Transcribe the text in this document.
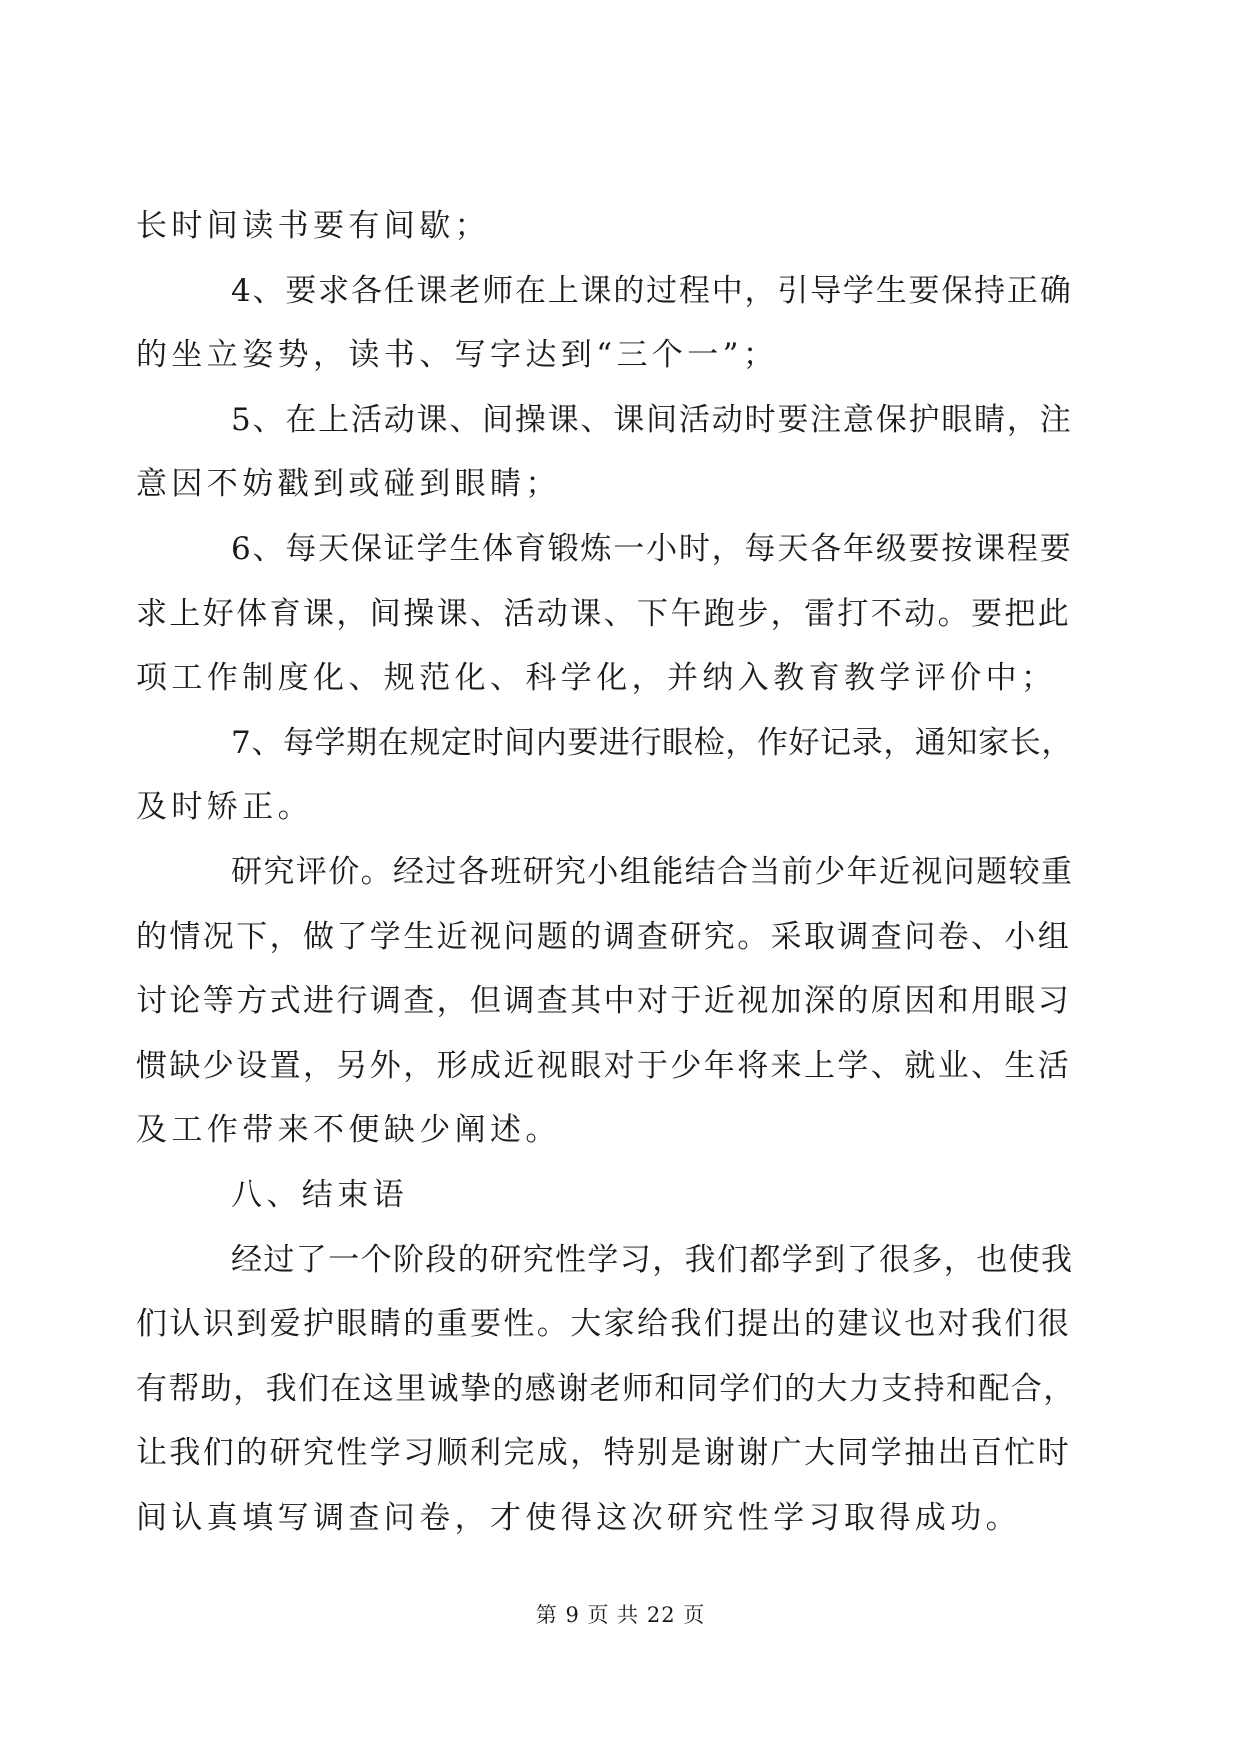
长时间读书要有间歇；
4、要求各任课老师在上课的过程中，引导学生要保持正确
的坐立姿势，读书、写字达到“三个一”；
5、在上活动课、间操课、课间活动时要注意保护眼睛，注
意因不妨戳到或碰到眼睛；
6、每天保证学生体育锻炼一小时，每天各年级要按课程要
求上好体育课，间操课、活动课、下午跑步，雷打不动。要把此
项工作制度化、规范化、科学化，并纳入教育教学评价中；
7、每学期在规定时间内要进行眼检，作好记录，通知家长，
及时矫正。
研究评价。经过各班研究小组能结合当前少年近视问题较重
的情况下，做了学生近视问题的调查研究。采取调查问卷、小组
讨论等方式进行调查，但调查其中对于近视加深的原因和用眼习
惯缺少设置，另外，形成近视眼对于少年将来上学、就业、生活
及工作带来不便缺少阐述。
八、结束语
经过了一个阶段的研究性学习，我们都学到了很多，也使我
们认识到爱护眼睛的重要性。大家给我们提出的建议也对我们很
有帮助，我们在这里诚挚的感谢老师和同学们的大力支持和配合，
让我们的研究性学习顺利完成，特别是谢谢广大同学抽出百忙时
间认真填写调查问卷，才使得这次研究性学习取得成功。
第 9 页 共 22 页
